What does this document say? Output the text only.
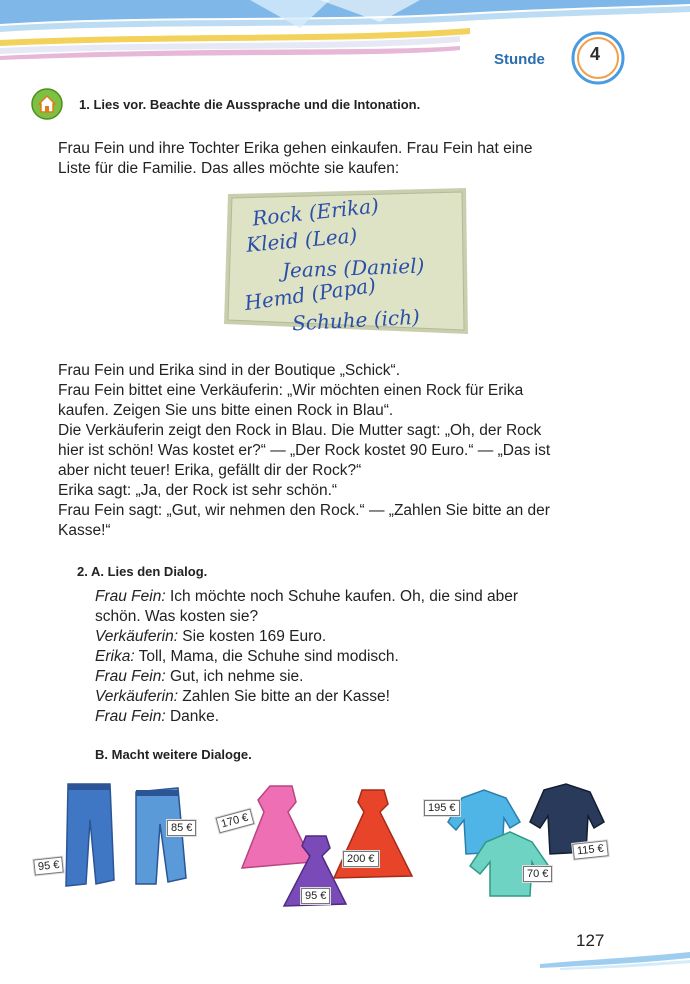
Stunde	4
1. Lies vor. Beachte die Aussprache und die Intonation.

Frau Fein und ihre Tochter Erika gehen einkaufen. Frau Fein hat eine

Liste für die Familie. Das alles möchte sie kaufen:

Rock (Erika)
Kleid (Lea)
Jeans (Daniel)
Hemd (Papa)
Schuhe (ich)

Frau Fein und Erika sind in der Boutique „Schick“.

Frau Fein bittet eine Verkäuferin: „Wir möchten einen Rock für Erika

kaufen. Zeigen Sie uns bitte einen Rock in Blau“.

Die Verkäuferin zeigt den Rock in Blau. Die Mutter sagt: „Oh, der Rock

hier ist schön! Was kostet er?“ — „Der Rock kostet 90 Euro.“ — „Das ist

aber nicht teuer! Erika, gefällt dir der Rock?“

Erika sagt: „Ja, der Rock ist sehr schön.“

Frau Fein sagt: „Gut, wir nehmen den Rock.“ — „Zahlen Sie bitte an der

Kasse!“

2. A. Lies den Dialog.

Frau Fein: Ich möchte noch Schuhe kaufen. Oh, die sind aber

schön. Was kosten sie?

Verkäuferin: Sie kosten 169 Euro.

Erika: Toll, Mama, die Schuhe sind modisch.

Frau Fein: Gut, ich nehme sie.

Verkäuferin: Zahlen Sie bitte an der Kasse!

Frau Fein: Danke.

B. Macht weitere Dialoge.
95 €
85 €	170 €
200 €
95 €
195 €
115 €
70 €
127
